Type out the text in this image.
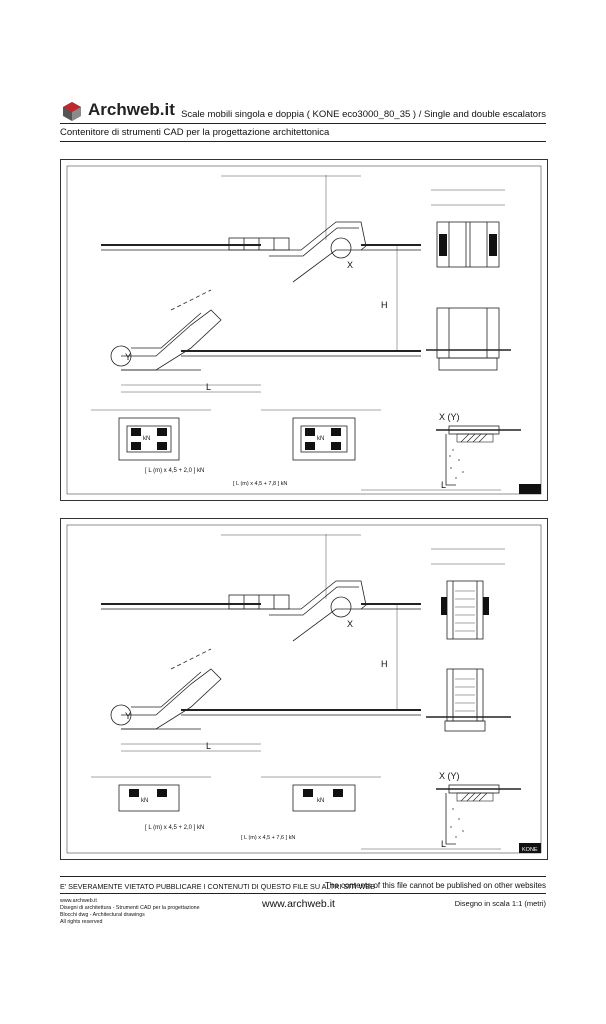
Archweb.it Scale mobili singola e doppia ( KONE eco3000_80_35 ) / Single and double escalators
Contenitore di strumenti CAD per la progettazione architettonica
X
Y
H
L
X (Y)
L
kN	kN
[ L (m) x 4,5 + 2,0 ] kN
[ L (m) x 4,5 + 7,8 ] kN
KONE
X
Y
H
L
X (Y)
L
kN	kN
[ L (m) x 4,5 + 2,0 ] kN
[ L (m) x 4,5 + 7,6 ] kN
E' SEVERAMENTE VIETATO PUBBLICARE I CONTENUTI DI QUESTO FILE SU ALTRI SITI WEB
The contents of this file cannot be published on other websites
www.archweb.it
Disegni di architettura - Strumenti CAD per la progettazione
Blocchi dwg - Architectural drawings
All rights reserved
www.archweb.it	Disegno in scala 1:1 (metri)
